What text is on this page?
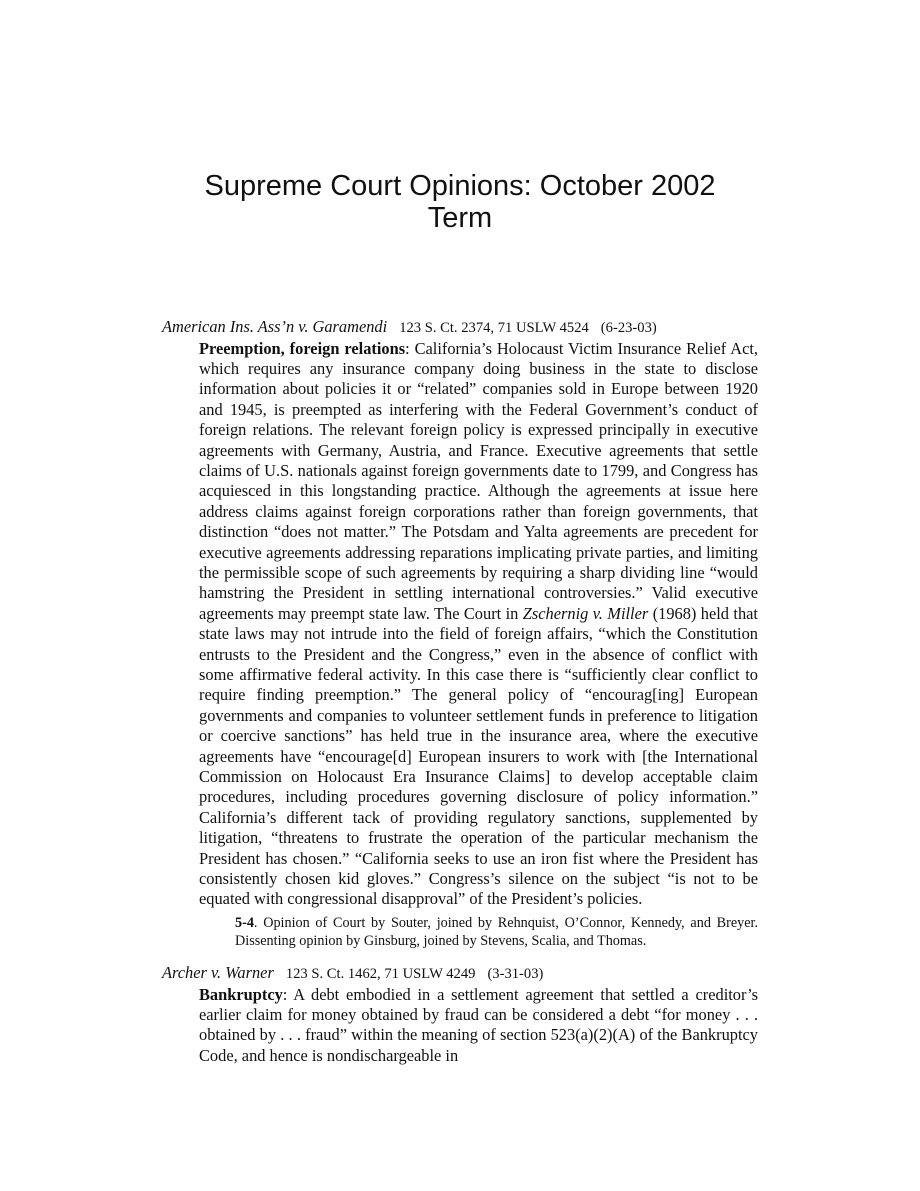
Supreme Court Opinions: October 2002
Term
American Ins. Ass’n v. Garamendi 123 S. Ct. 2374, 71 USLW 4524 (6-23-03)
Preemption, foreign relations: California’s Holocaust Victim Insurance Relief Act, which requires any insurance company doing business in the state to disclose information about policies it or “related” companies sold in Europe between 1920 and 1945, is preempted as interfering with the Federal Government’s conduct of foreign relations. The relevant foreign policy is expressed principally in executive agreements with Germany, Austria, and France. Executive agreements that settle claims of U.S. nationals against foreign governments date to 1799, and Congress has acquiesced in this longstanding practice. Although the agreements at issue here address claims against foreign corporations rather than foreign governments, that distinction “does not matter.” The Potsdam and Yalta agreements are precedent for executive agreements addressing reparations implicating private parties, and limiting the permissible scope of such agreements by requiring a sharp dividing line “would hamstring the President in settling international controversies.” Valid executive agreements may preempt state law. The Court in Zschernig v. Miller (1968) held that state laws may not intrude into the field of foreign affairs, “which the Constitution entrusts to the President and the Congress,” even in the absence of conflict with some affirmative federal activity. In this case there is “sufficiently clear conflict to require finding preemption.” The general policy of “encourag[ing] European governments and companies to volunteer settlement funds in preference to litigation or coercive sanctions” has held true in the insurance area, where the executive agreements have “encourage[d] European insurers to work with [the International Commission on Holocaust Era Insurance Claims] to develop acceptable claim procedures, including procedures governing disclosure of policy information.” California’s different tack of providing regulatory sanctions, supplemented by litigation, “threatens to frustrate the operation of the particular mechanism the President has chosen.” “California seeks to use an iron fist where the President has consistently chosen kid gloves.” Congress’s silence on the subject “is not to be equated with congressional disapproval” of the President’s policies.
5-4. Opinion of Court by Souter, joined by Rehnquist, O’Connor, Kennedy, and Breyer. Dissenting opinion by Ginsburg, joined by Stevens, Scalia, and Thomas.
Archer v. Warner 123 S. Ct. 1462, 71 USLW 4249 (3-31-03)
Bankruptcy: A debt embodied in a settlement agreement that settled a creditor’s earlier claim for money obtained by fraud can be considered a debt “for money . . . obtained by . . . fraud” within the meaning of section 523(a)(2)(A) of the Bankruptcy Code, and hence is nondischargeable in
